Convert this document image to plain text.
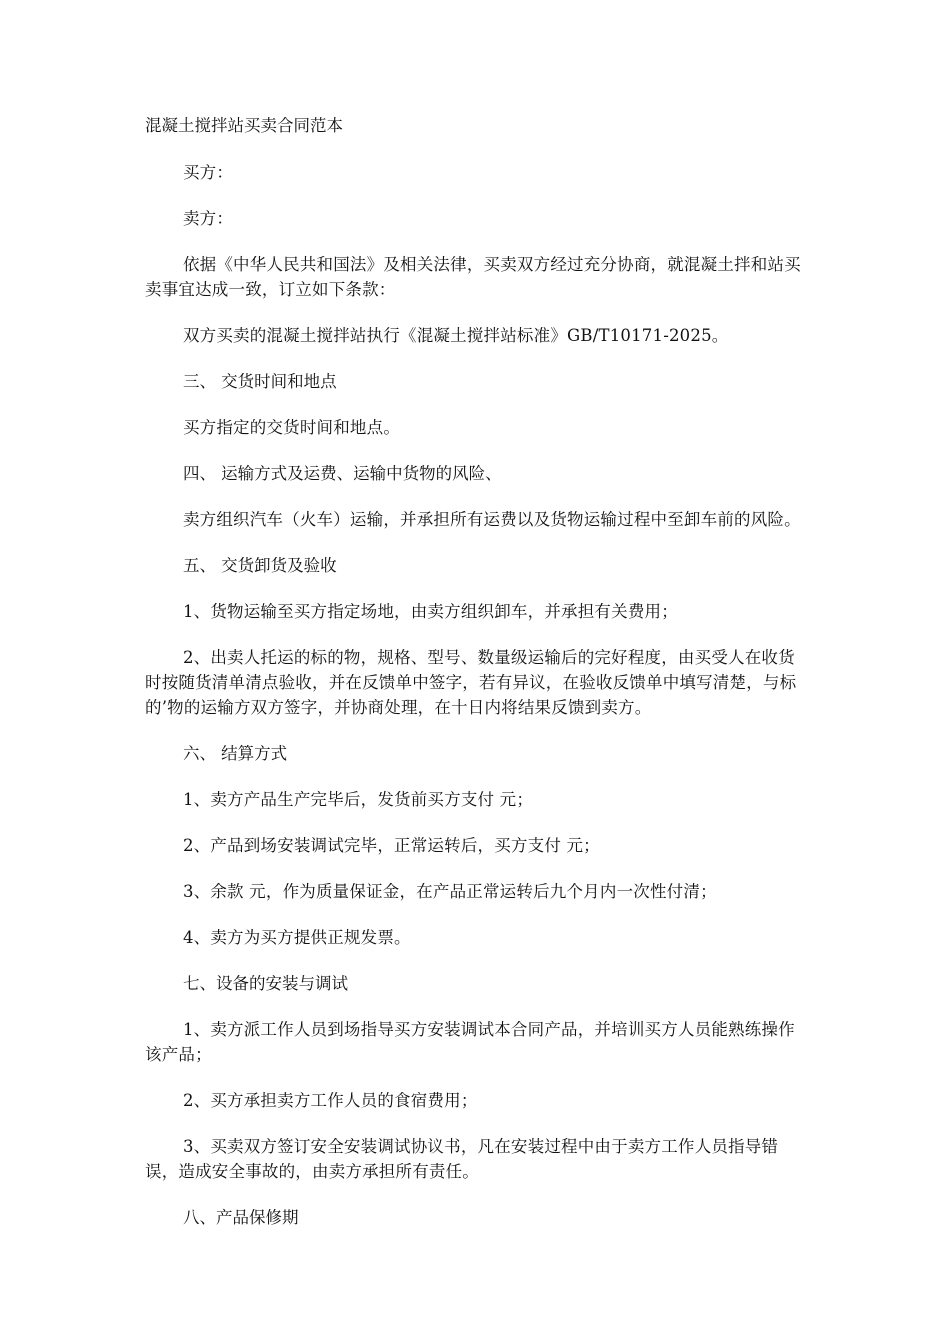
混凝土搅拌站买卖合同范本

买方：

卖方：

依据《中华人民共和国法》及相关法律，买卖双方经过充分协商，就混凝土拌和站买卖事宜达成一致，订立如下条款：

双方买卖的混凝土搅拌站执行《混凝土搅拌站标准》GB/T10171-2025。

三、 交货时间和地点

买方指定的交货时间和地点。

四、 运输方式及运费、运输中货物的风险、

卖方组织汽车（火车）运输，并承担所有运费以及货物运输过程中至卸车前的风险。

五、 交货卸货及验收

1、货物运输至买方指定场地，由卖方组织卸车，并承担有关费用；

2、出卖人托运的标的物，规格、型号、数量级运输后的完好程度，由买受人在收货时按随货清单清点验收，并在反馈单中签字，若有异议，在验收反馈单中填写清楚，与标的’物的运输方双方签字，并协商处理，在十日内将结果反馈到卖方。

六、 结算方式

1、卖方产品生产完毕后，发货前买方支付 元；

2、产品到场安装调试完毕，正常运转后，买方支付 元；

3、余款 元，作为质量保证金，在产品正常运转后九个月内一次性付清；

4、卖方为买方提供正规发票。

七、设备的安装与调试

1、卖方派工作人员到场指导买方安装调试本合同产品，并培训买方人员能熟练操作该产品；

2、买方承担卖方工作人员的食宿费用；

3、买卖双方签订安全安装调试协议书，凡在安装过程中由于卖方工作人员指导错误，造成安全事故的，由卖方承担所有责任。

八、产品保修期
